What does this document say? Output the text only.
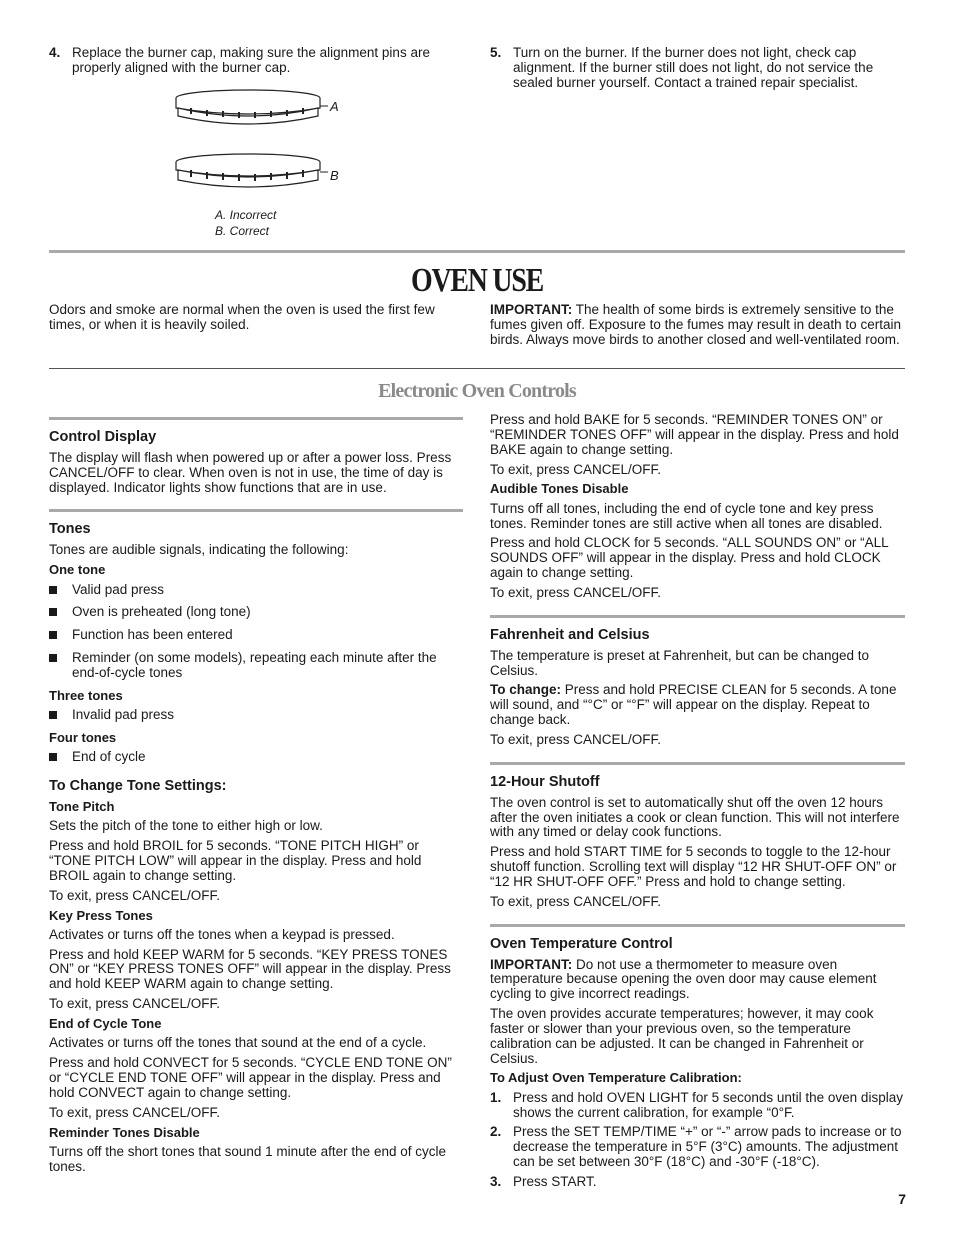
4. Replace the burner cap, making sure the alignment pins are properly aligned with the burner cap.
5. Turn on the burner. If the burner does not light, check cap alignment. If the burner still does not light, do not service the sealed burner yourself. Contact a trained repair specialist.
A
B
A. Incorrect
B. Correct
OVEN USE
Odors and smoke are normal when the oven is used the first few times, or when it is heavily soiled.
IMPORTANT: The health of some birds is extremely sensitive to the fumes given off. Exposure to the fumes may result in death to certain birds. Always move birds to another closed and well-ventilated room.
Electronic Oven Controls
Control Display

The display will flash when powered up or after a power loss. Press CANCEL/OFF to clear. When oven is not in use, the time of day is displayed. Indicator lights show functions that are in use.

Tones

Tones are audible signals, indicating the following:

One tone
Valid pad press
Oven is preheated (long tone)
Function has been entered
Reminder (on some models), repeating each minute after the end-of-cycle tones
Three tones
Invalid pad press
Four tones
End of cycle
To Change Tone Settings:
Tone Pitch

Sets the pitch of the tone to either high or low.

Press and hold BROIL for 5 seconds. “TONE PITCH HIGH” or “TONE PITCH LOW” will appear in the display. Press and hold BROIL again to change setting.

To exit, press CANCEL/OFF.

Key Press Tones

Activates or turns off the tones when a keypad is pressed.

Press and hold KEEP WARM for 5 seconds. “KEY PRESS TONES ON” or “KEY PRESS TONES OFF” will appear in the display. Press and hold KEEP WARM again to change setting.

To exit, press CANCEL/OFF.

End of Cycle Tone

Activates or turns off the tones that sound at the end of a cycle.

Press and hold CONVECT for 5 seconds. “CYCLE END TONE ON” or “CYCLE END TONE OFF” will appear in the display. Press and hold CONVECT again to change setting.

To exit, press CANCEL/OFF.

Reminder Tones Disable

Turns off the short tones that sound 1 minute after the end of cycle tones.

Press and hold BAKE for 5 seconds. “REMINDER TONES ON” or “REMINDER TONES OFF” will appear in the display. Press and hold BAKE again to change setting.

To exit, press CANCEL/OFF.

Audible Tones Disable

Turns off all tones, including the end of cycle tone and key press tones. Reminder tones are still active when all tones are disabled.

Press and hold CLOCK for 5 seconds. “ALL SOUNDS ON” or “ALL SOUNDS OFF” will appear in the display. Press and hold CLOCK again to change setting.

To exit, press CANCEL/OFF.

Fahrenheit and Celsius

The temperature is preset at Fahrenheit, but can be changed to Celsius.

To change: Press and hold PRECISE CLEAN for 5 seconds. A tone will sound, and “°C” or “°F” will appear on the display. Repeat to change back.

To exit, press CANCEL/OFF.

12-Hour Shutoff

The oven control is set to automatically shut off the oven 12 hours after the oven initiates a cook or clean function. This will not interfere with any timed or delay cook functions.

Press and hold START TIME for 5 seconds to toggle to the 12-hour shutoff function. Scrolling text will display “12 HR SHUT-OFF ON” or “12 HR SHUT-OFF OFF.” Press and hold to change setting.

To exit, press CANCEL/OFF.

Oven Temperature Control

IMPORTANT: Do not use a thermometer to measure oven temperature because opening the oven door may cause element cycling to give incorrect readings.

The oven provides accurate temperatures; however, it may cook faster or slower than your previous oven, so the temperature calibration can be adjusted. It can be changed in Fahrenheit or Celsius.

To Adjust Oven Temperature Calibration:
1. Press and hold OVEN LIGHT for 5 seconds until the oven display shows the current calibration, for example “0°F.
2. Press the SET TEMP/TIME “+” or “-” arrow pads to increase or to decrease the temperature in 5°F (3°C) amounts. The adjustment can be set between 30°F (18°C) and -30°F (-18°C).
3. Press START.
7
